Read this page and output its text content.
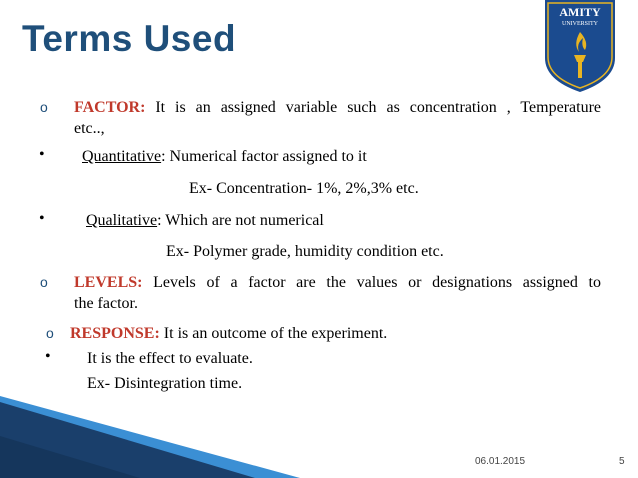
Terms Used
AMITY
UNIVERSITY
o FACTOR: It is an assigned variable such as concentration , Temperature
etc..,
• Quantitative: Numerical factor assigned to it
Ex- Concentration- 1%, 2%,3% etc.
•	Qualitative: Which are not numerical
Ex- Polymer grade, humidity condition etc.
o LEVELS: Levels of a factor are the values or designations assigned to
the factor.
o RESPONSE: It is an outcome of the experiment.
• It is the effect to evaluate.
Ex- Disintegration time.
06.01.2015	5
